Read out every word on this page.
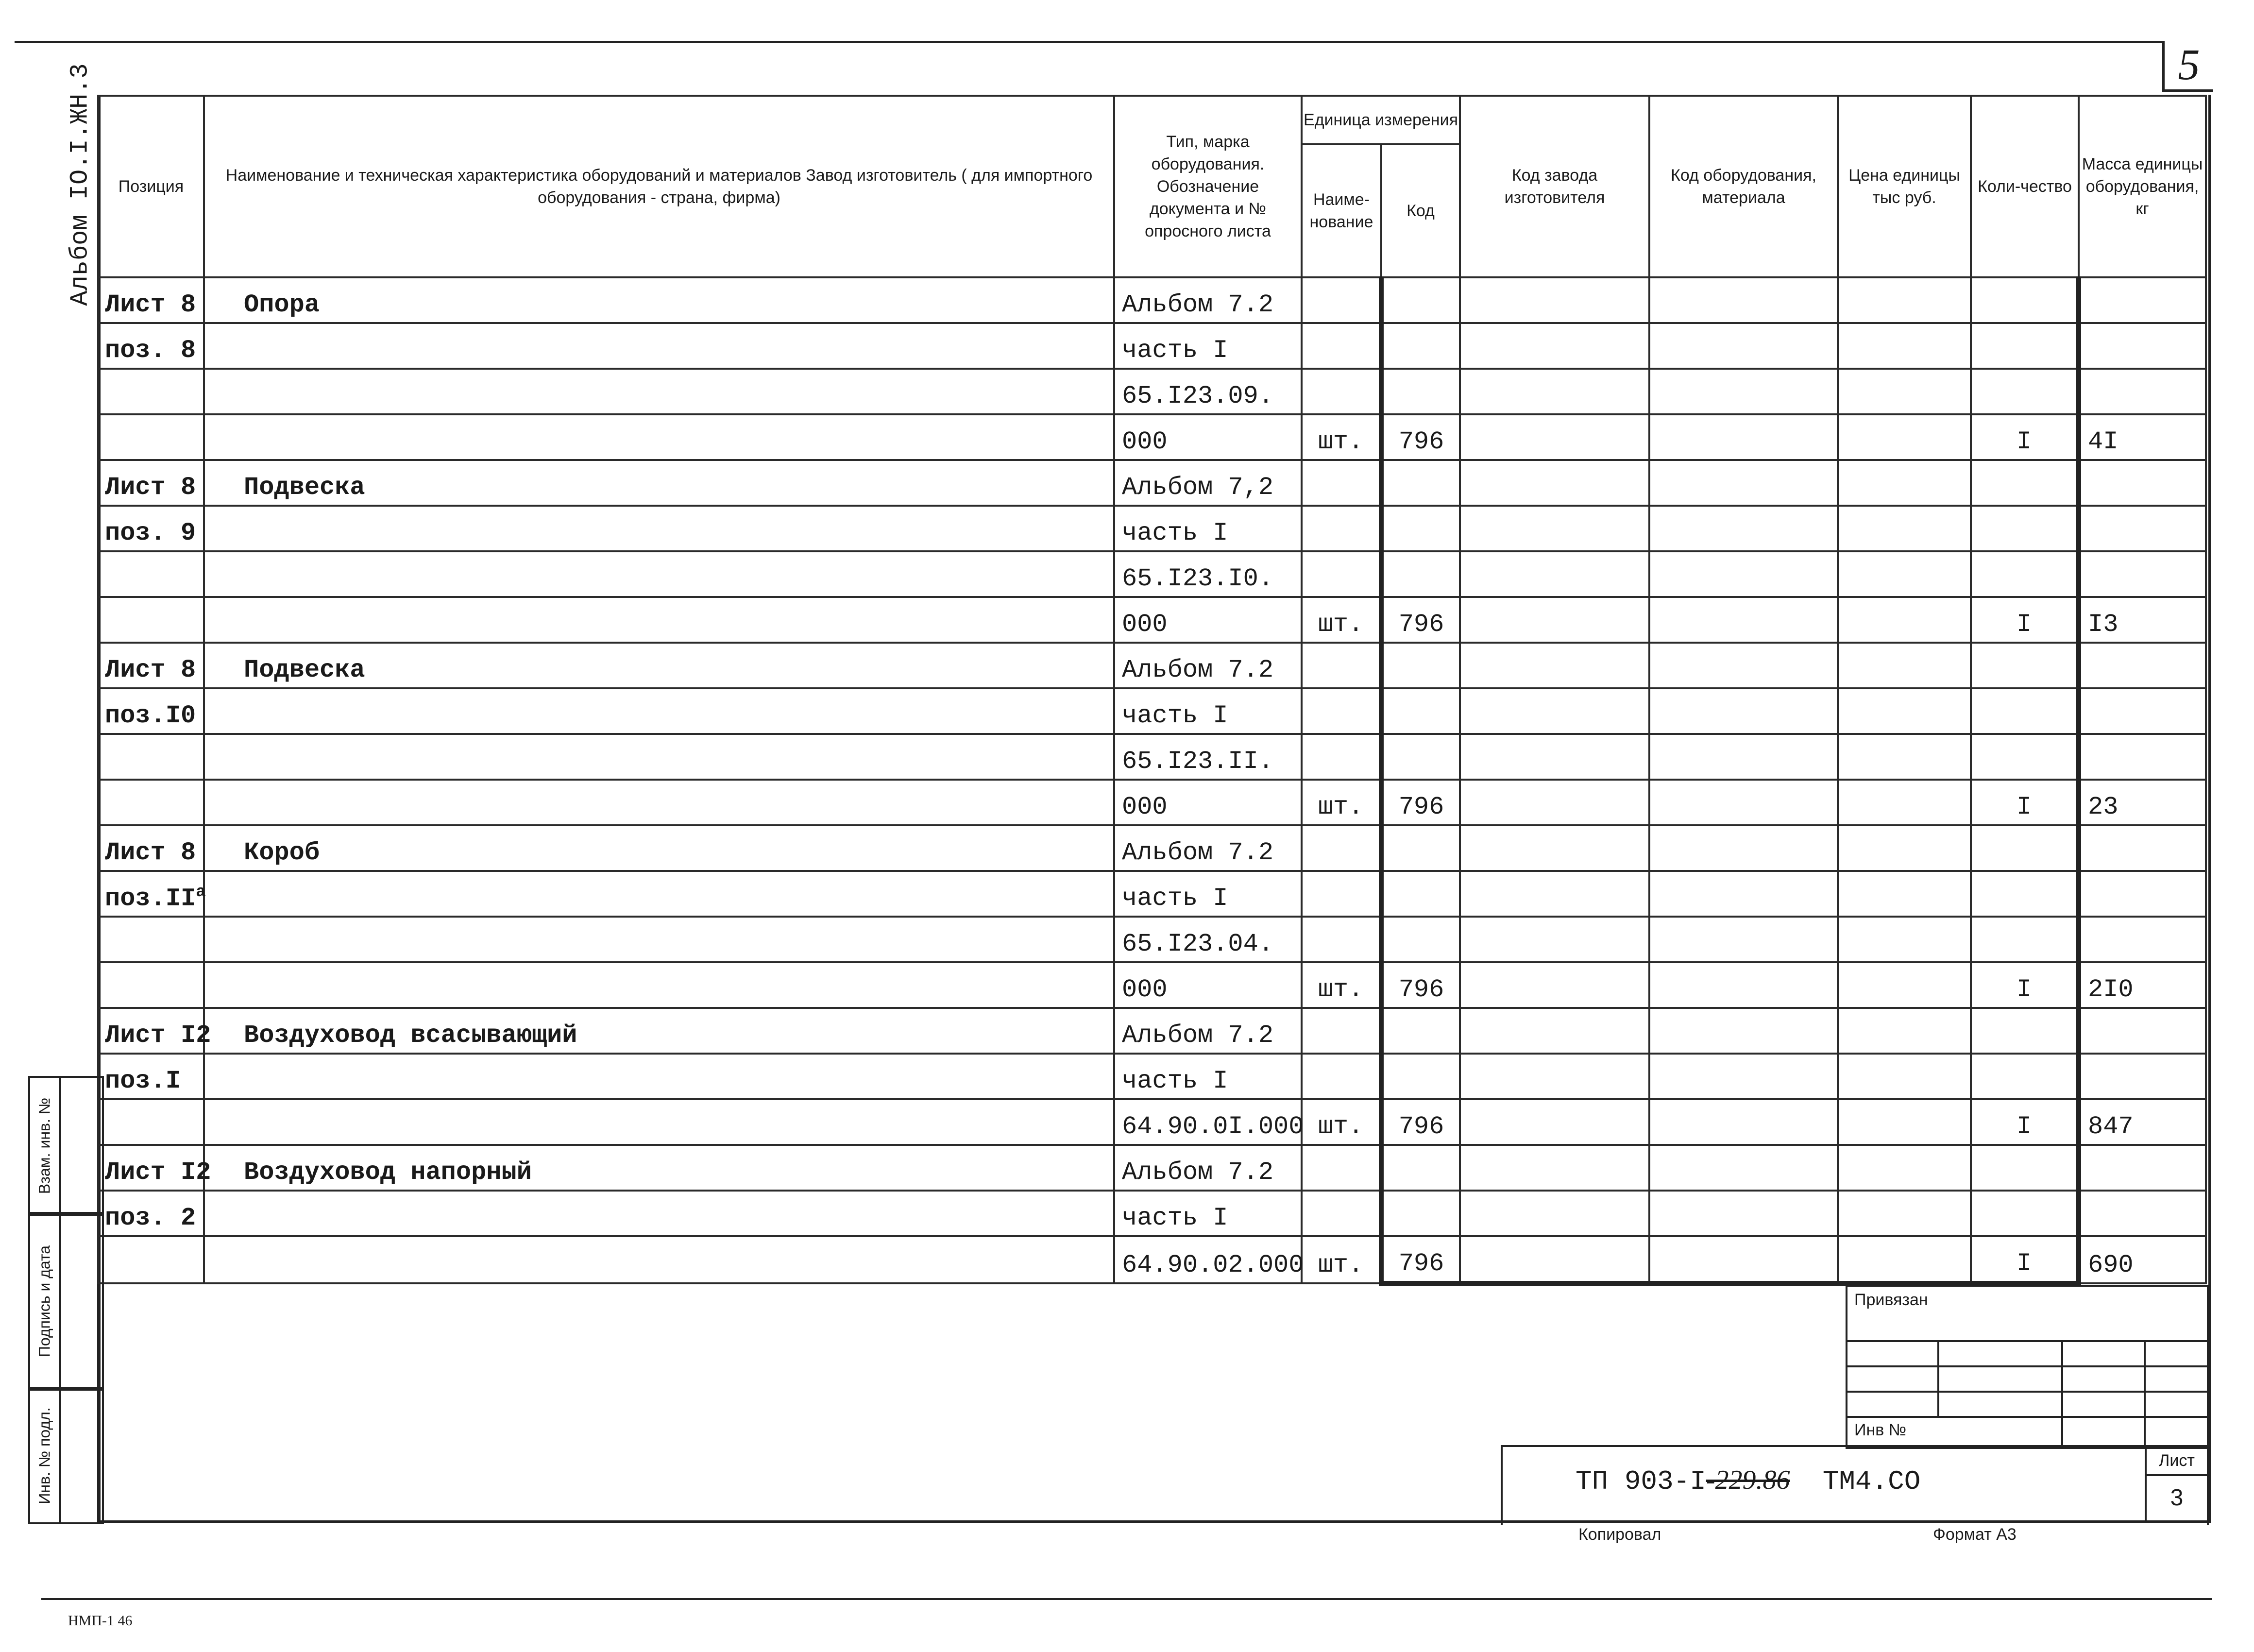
5
Альбом IO.I.ЖН.3 Позиция	Наименование и техническая характеристика оборудований и материалов Завод изготовитель ( для импортного оборудования - страна, фирма)	Тип, марка оборудования. Обозначение документа и № опросного листа	Единица измерения		Код завода изготовителя	Код оборудования, материала	Цена единицы тыс руб.	Коли-чество	Масса единицы оборудования, кг
			Наиме-нование	Код					
Лист 8	Опора	Альбом 7.2							
поз. 8		часть I							
		65.I23.09.							
		000	шт.	796				I	4I
Лист 8	Подвеска	Альбом 7,2							
поз. 9		часть I							
		65.I23.I0.							
		000	шт.	796				I	I3
Лист 8	Подвеска	Альбом 7.2							
поз.I0		часть I							
		65.I23.II.							
		000	шт.	796				I	23
Лист 8	Короб	Альбом 7.2							
$поз.II^а$		часть I							
		65.I23.04.							
		000	шт.	796				I	2I0
Лист I2	Воздуховод всасывающий	Альбом 7.2							
поз.I		часть I							
		64.90.0I.000	шт.	796				I	847
Лист I2	Воздуховод напорный	Альбом 7.2							
поз. 2		часть I							
		64.90.02.000	шт.	796				I	690
Взам. инв. №
Подпись и дата
Инв. № подл.
Привязан
Инв №
ТП 903-I-229.86 ТМ4.СО
Лист
3
Копировал	Формат А3
НМП-1 46
